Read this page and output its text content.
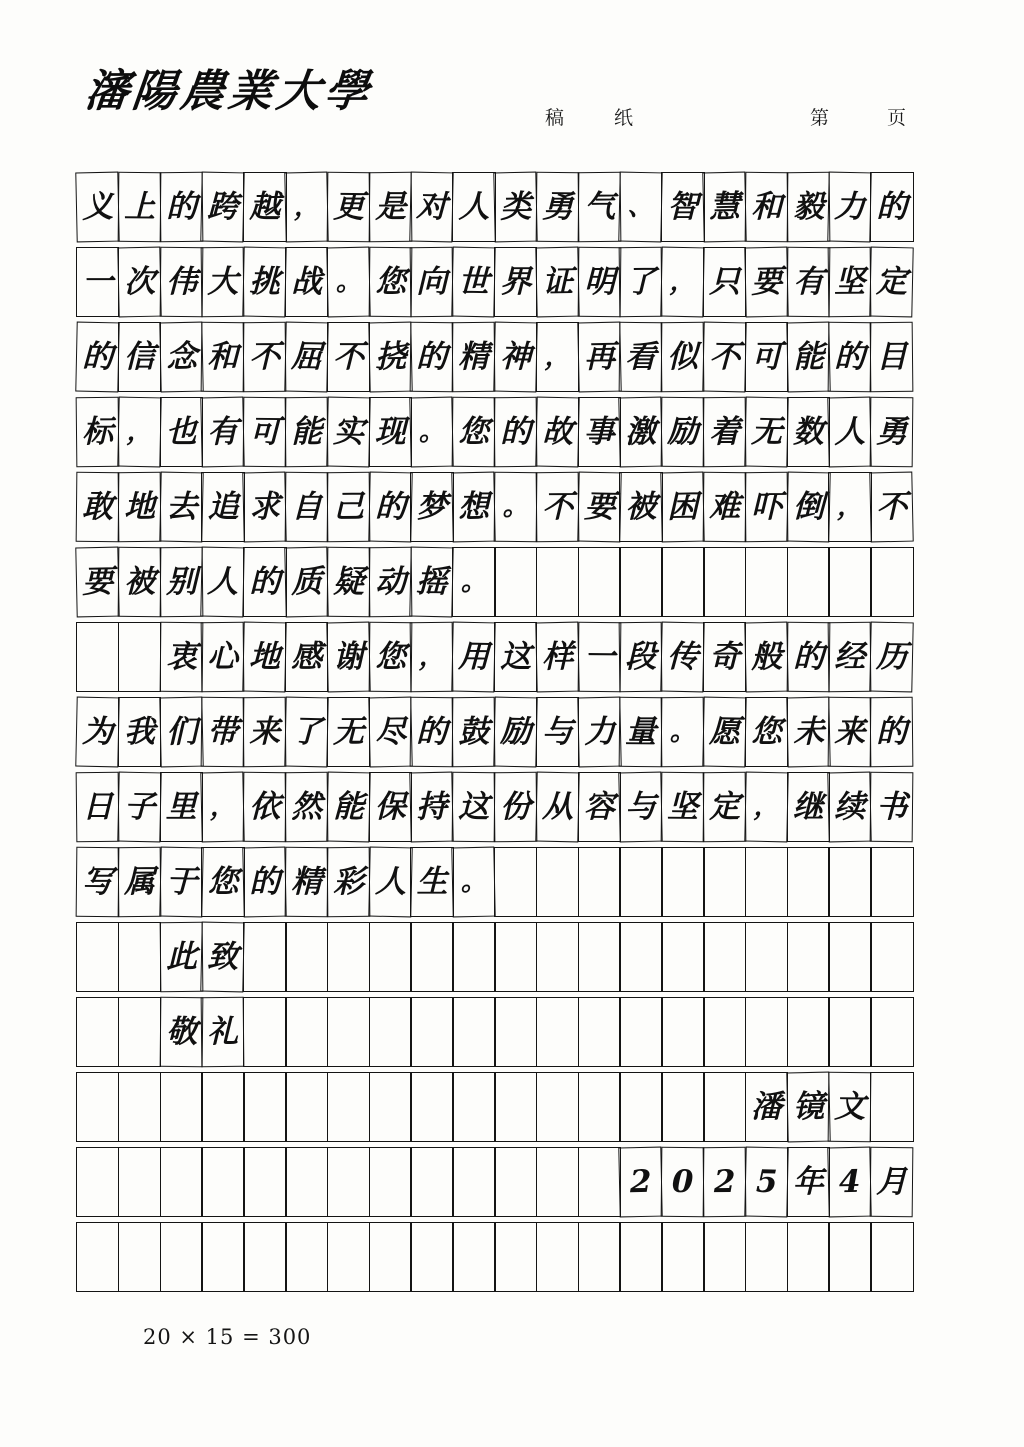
瀋陽農業大學
稿 纸	第 页
义 上 的 跨 越 ， 更 是 对 人 类 勇 气 、 智 慧 和 毅 力 的
一 次 伟 大 挑 战 。 您 向 世 界 证 明 了 ， 只 要 有 坚 定
的 信 念 和 不 屈 不 挠 的 精 神 ， 再 看 似 不 可 能 的 目
标 ， 也 有 可 能 实 现 。 您 的 故 事 激 励 着 无 数 人 勇
敢 地 去 追 求 自 己 的 梦 想 。 不 要 被 困 难 吓 倒 ， 不
要 被 别 人 的 质 疑 动 摇 。
衷 心 地 感 谢 您 ， 用 这 样 一 段 传 奇 般 的 经 历
为 我 们 带 来 了 无 尽 的 鼓 励 与 力 量 。 愿 您 未 来 的
日 子 里 ， 依 然 能 保 持 这 份 从 容 与 坚 定 ， 继 续 书
写 属 于 您 的 精 彩 人 生 。
此 致
敬 礼
潘 镜 文
2 0 2 5 年 4 月
20 × 15 = 300
